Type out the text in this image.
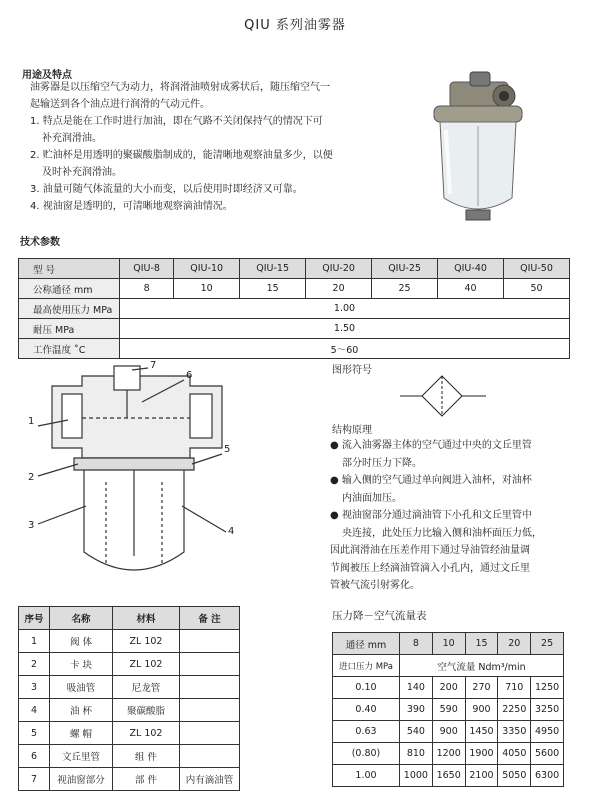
QIU 系列油雾器
用途及特点
油雾器是以压缩空气为动力，将润滑油喷射成雾状后，随压缩空气一
起输送到各个油点进行润滑的气动元件。
1. 特点是能在工作时进行加油，即在气路不关闭保持气的情况下可
补充润滑油。
2. 贮油杯是用透明的聚碳酸脂制成的，能清晰地观察油量多少，以便
及时补充润滑油。
3. 油量可随气体流量的大小而变，以后使用时即经济又可靠。
4. 视油窗是透明的，可清晰地观察滴油情况。
技术参数
型 号	QIU-8	QIU-10	QIU-15	QIU-20	QIU-25	QIU-40	QIU-50
公称通径 mm	8	10	15	20	25	40	50
最高使用压力 MPa	1.00						
耐压 MPa	1.50						
工作温度 ˚C	5～60						
1
2
3
4
5
6
7	图形符号
结构原理
● 流入油雾器主体的空气通过中央的文丘里管
部分时压力下降。
● 输入侧的空气通过单向阀进入油杯，对油杯
内油面加压。
● 视油窗部分通过滴油管下小孔和文丘里管中
央连接，此处压力比输入侧和油杯面压力低，
因此润滑油在压差作用下通过导油管经油量调
节阀被压上经滴油管滴入小孔内，通过文丘里
管被气流引射雾化。
序号	名称	材料	备 注
1	阀 体	ZL 102	
2	卡 块	ZL 102	
3	吸油管	尼龙管	
4	油 杯	聚碳酸脂	
5	螺 帽	ZL 102	
6	文丘里管	组 件	
7	视油窗部分	部 件	内有滴油管
压力降－空气流量表
通径 mm	8	10	15	20	25
进口压力 MPa	空气流量 Ndm³/min				
0.10	140	200	270	710	1250
0.40	390	590	900	2250	3250
0.63	540	900	1450	3350	4950
(0.80)	810	1200	1900	4050	5600
1.00	1000	1650	2100	5050	6300
